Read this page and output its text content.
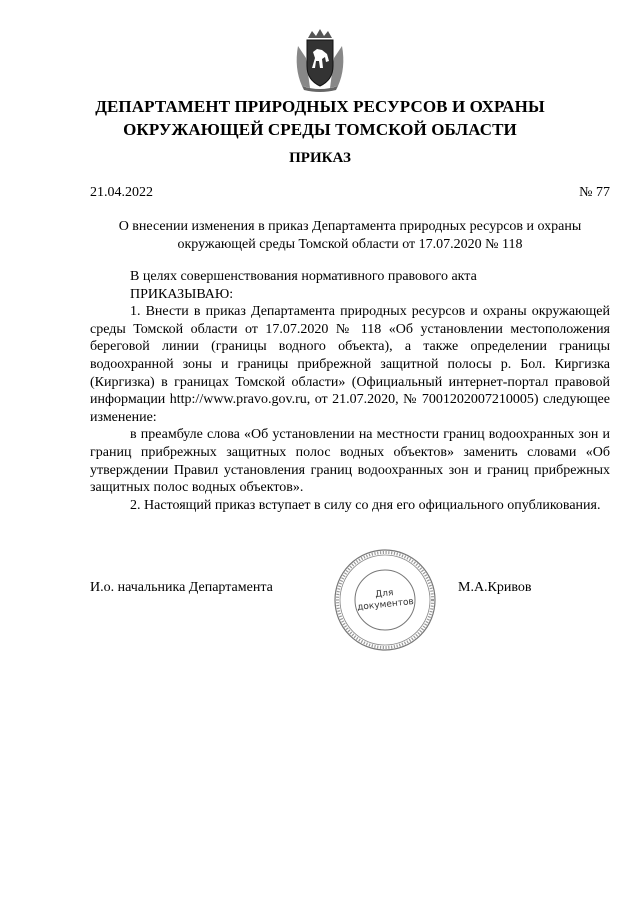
ДЕПАРТАМЕНТ ПРИРОДНЫХ РЕСУРСОВ И ОХРАНЫ
ОКРУЖАЮЩЕЙ СРЕДЫ ТОМСКОЙ ОБЛАСТИ
ПРИКАЗ
21.04.2022	№ 77
О внесении изменения в приказ Департамента природных ресурсов и охраны
окружающей среды Томской области от 17.07.2020 № 118

В целях совершенствования нормативного правового акта

ПРИКАЗЫВАЮ:

1. Внести в приказ Департамента природных ресурсов и охраны окружающей среды Томской области от 17.07.2020 № 118 «Об установлении местоположения береговой линии (границы водного объекта), а также определении границы водоохранной зоны и границы прибрежной защитной полосы р. Бол. Киргизка (Киргизка) в границах Томской области» (Официальный интернет-портал правовой информации http://www.pravo.gov.ru, от 21.07.2020, № 7001202007210005) следующее изменение:

в преамбуле слова «Об установлении на местности границ водоохранных зон и границ прибрежных защитных полос водных объектов» заменить словами «Об утверждении Правил установления границ водоохранных зон и границ прибрежных защитных полос водных объектов».

2. Настоящий приказ вступает в силу со дня его официального опубликования.

И.о. начальника Департамента	М.А.Кривов
Для
документов
